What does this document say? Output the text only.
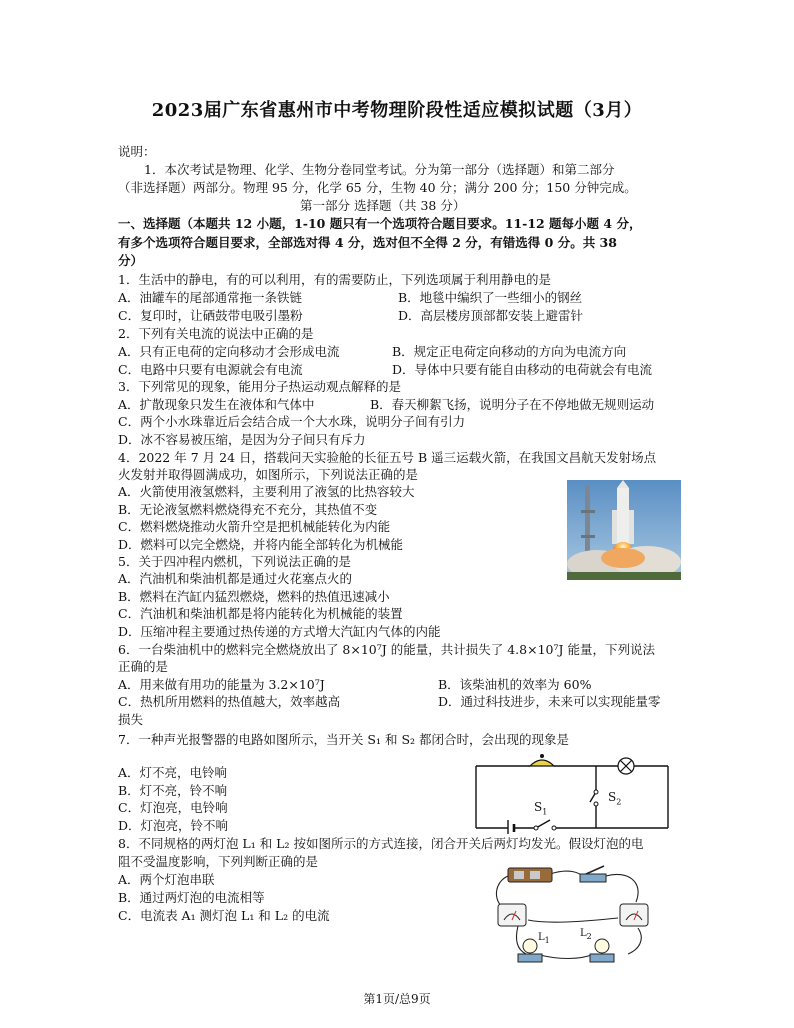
2023届广东省惠州市中考物理阶段性适应模拟试题（3月）
说明：
1．本次考试是物理、化学、生物分卷同堂考试。分为第一部分（选择题）和第二部分
（非选择题）两部分。物理 95 分，化学 65 分，生物 40 分；满分 200 分；150 分钟完成。
第一部分 选择题（共 38 分）
一、选择题（本题共 12 小题，1-10 题只有一个选项符合题目要求。11-12 题每小题 4 分，
有多个选项符合题目要求，全部选对得 4 分，选对但不全得 2 分，有错选得 0 分。共 38
分）
1．生活中的静电，有的可以利用，有的需要防止，下列选项属于利用静电的是
A．油罐车的尾部通常拖一条铁链	B．地毯中编织了一些细小的钢丝
C．复印时，让硒鼓带电吸引墨粉	D．高层楼房顶部都安装上避雷针
2．下列有关电流的说法中正确的是
A．只有正电荷的定向移动才会形成电流	B．规定正电荷定向移动的方向为电流方向
C．电路中只要有电源就会有电流	D．导体中只要有能自由移动的电荷就会有电流
3．下列常见的现象，能用分子热运动观点解释的是
A．扩散现象只发生在液体和气体中	B．春天柳絮飞扬，说明分子在不停地做无规则运动
C．两个小水珠靠近后会结合成一个大水珠，说明分子间有引力
D．冰不容易被压缩，是因为分子间只有斥力
4．2022 年 7 月 24 日，搭载问天实验舱的长征五号 B 遥三运载火箭，在我国文昌航天发射场点
火发射并取得圆满成功，如图所示，下列说法正确的是
A．火箭使用液氢燃料，主要利用了液氢的比热容较大
B．无论液氢燃料燃烧得充不充分，其热值不变
C．燃料燃烧推动火箭升空是把机械能转化为内能
D．燃料可以完全燃烧，并将内能全部转化为机械能
5．关于四冲程内燃机，下列说法正确的是
A．汽油机和柴油机都是通过火花塞点火的
B．燃料在汽缸内猛烈燃烧，燃料的热值迅速减小
C．汽油机和柴油机都是将内能转化为机械能的装置
D．压缩冲程主要通过热传递的方式增大汽缸内气体的内能
6．一台柴油机中的燃料完全燃烧放出了 8×10⁷J 的能量，共计损失了 4.8×10⁷J 能量，下列说法
正确的是
A．用来做有用功的能量为 3.2×10⁷J	B．该柴油机的效率为 60%
C．热机所用燃料的热值越大，效率越高	D．通过科技进步，未来可以实现能量零
损失
7．一种声光报警器的电路如图所示，当开关 S₁ 和 S₂ 都闭合时，会出现的现象是
A．灯不亮，电铃响
B．灯不亮，铃不响
C．灯泡亮，电铃响
D．灯泡亮，铃不响
$S_1$
$S_2$
8．不同规格的两灯泡 L₁ 和 L₂ 按如图所示的方式连接，闭合开关后两灯均发光。假设灯泡的电
阻不受温度影响，下列判断正确的是
A．两个灯泡串联
B．通过两灯泡的电流相等
C．电流表 A₁ 测灯泡 L₁ 和 L₂ 的电流
$L_1$
$L_2$
第1页/总9页
